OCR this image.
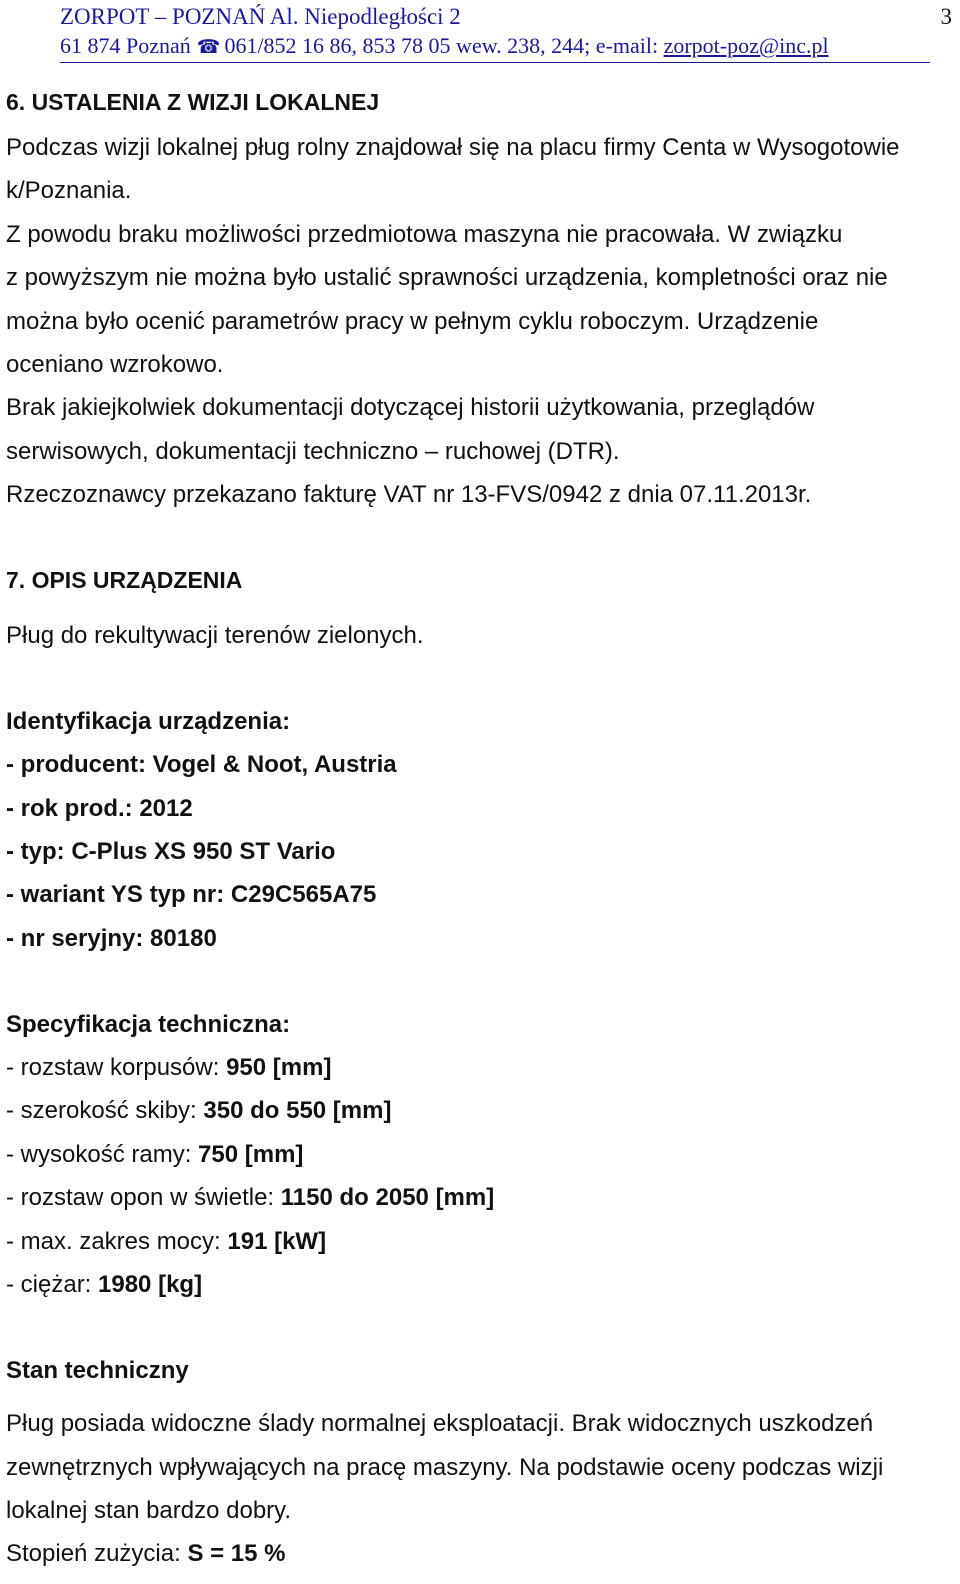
ZORPOT – POZNAŃ Al. Niepodległości 2
61 874 Poznań ☎ 061/852 16 86, 853 78 05 wew. 238, 244; e-mail: zorpot-poz@inc.pl
3
6. USTALENIA Z WIZJI LOKALNEJ
Podczas wizji lokalnej pług rolny znajdował się na placu firmy Centa w Wysogotowie
k/Poznania.
Z powodu braku możliwości przedmiotowa maszyna nie pracowała. W związku
z powyższym nie można było ustalić sprawności urządzenia, kompletności oraz nie
można było ocenić parametrów pracy w pełnym cyklu roboczym. Urządzenie
oceniano wzrokowo.
Brak jakiejkolwiek dokumentacji dotyczącej historii użytkowania, przeglądów
serwisowych, dokumentacji techniczno – ruchowej (DTR).
Rzeczoznawcy przekazano fakturę VAT nr 13-FVS/0942 z dnia 07.11.2013r.
7. OPIS URZĄDZENIA
Pług do rekultywacji terenów zielonych.
Identyfikacja urządzenia:
- producent: Vogel & Noot, Austria
- rok prod.: 2012
- typ: C-Plus XS 950 ST Vario
- wariant YS typ nr: C29C565A75
- nr seryjny: 80180
Specyfikacja techniczna:
- rozstaw korpusów: 950 [mm]
- szerokość skiby: 350 do 550 [mm]
- wysokość ramy: 750 [mm]
- rozstaw opon w świetle: 1150 do 2050 [mm]
- max. zakres mocy: 191 [kW]
- ciężar: 1980 [kg]
Stan techniczny
Pług posiada widoczne ślady normalnej eksploatacji. Brak widocznych uszkodzeń
zewnętrznych wpływających na pracę maszyny. Na podstawie oceny podczas wizji
lokalnej stan bardzo dobry.
Stopień zużycia: S = 15 %
